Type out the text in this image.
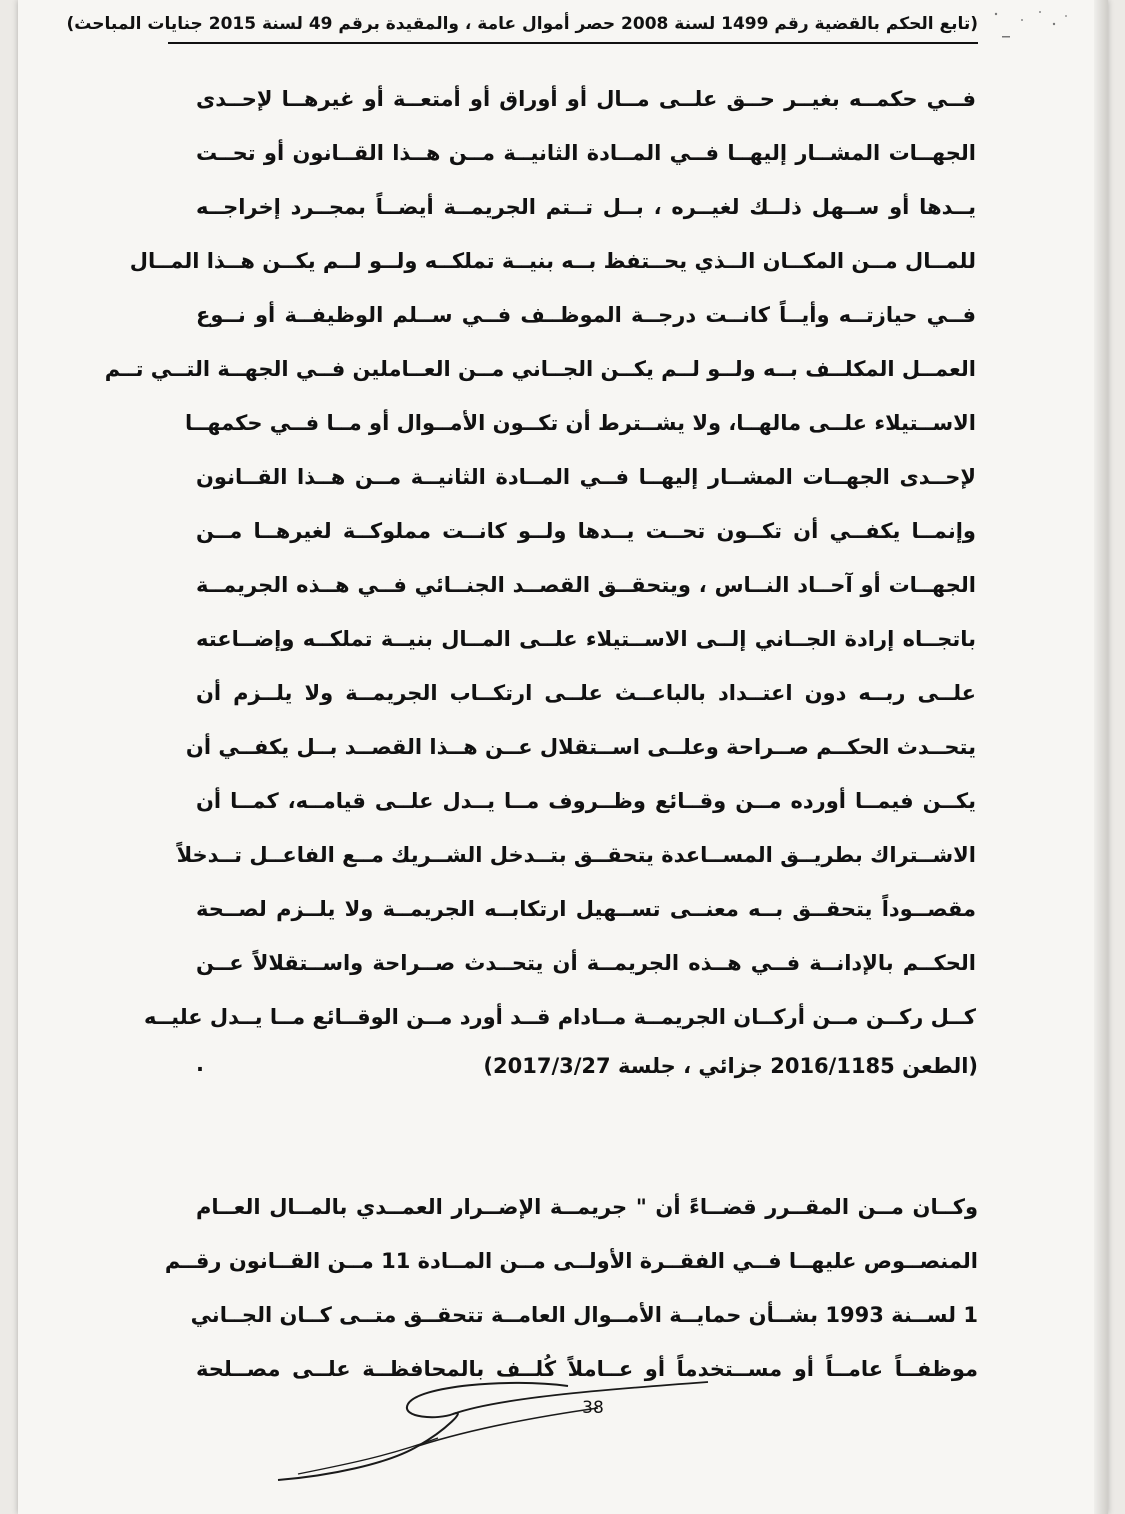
(تابع الحكم بالقضية رقم 1499 لسنة 2008 حصر أموال عامة ، والمقيدة برقم 49 لسنة 2015 جنايات المباحث)
فــي حكمــه بغيــر حــق علــى مــال أو أوراق أو أمتعــة أو غيرهــا لإحــدى
الجهــات المشــار إليهــا فــي المــادة الثانيــة مــن هــذا القــانون أو تحــت
يــدها أو ســهل ذلــك لغيــره ، بــل تــتم الجريمــة أيضــاً بمجــرد إخراجــه
للمــال مــن المكــان الــذي يحــتفظ بــه بنيــة تملكــه ولــو لــم يكــن هــذا المــال
فــي حيازتــه وأيــاً كانــت درجــة الموظــف فــي ســلم الوظيفــة أو نــوع
العمــل المكلــف بــه ولــو لــم يكــن الجــاني مــن العــاملين فــي الجهــة التــي تــم
الاســتيلاء علــى مالهــا، ولا يشــترط أن تكــون الأمــوال أو مــا فــي حكمهــا
لإحــدى الجهــات المشــار إليهــا فــي المــادة الثانيــة مــن هــذا القــانون
وإنمــا يكفــي أن تكــون تحــت يــدها ولــو كانــت مملوكــة لغيرهــا مــن
الجهــات أو آحــاد النــاس ، ويتحقــق القصــد الجنــائي فــي هــذه الجريمــة
باتجــاه إرادة الجــاني إلــى الاســتيلاء علــى المــال بنيــة تملكــه وإضــاعته
علــى ربــه دون اعتــداد بالباعــث علــى ارتكــاب الجريمــة ولا يلــزم أن
يتحــدث الحكــم صــراحة وعلــى اســتقلال عــن هــذا القصــد بــل يكفــي أن
يكــن فيمــا أورده مــن وقــائع وظــروف مــا يــدل علــى قيامــه، كمــا أن
الاشــتراك بطريــق المســاعدة يتحقــق بتــدخل الشــريك مــع الفاعــل تــدخلاً
مقصــوداً يتحقــق بــه معنــى تســهيل ارتكابــه الجريمــة ولا يلــزم لصــحة
الحكــم بالإدانــة فــي هــذه الجريمــة أن يتحــدث صــراحة واســتقلالاً عــن
كــل ركــن مــن أركــان الجريمــة مــادام قــد أورد مــن الوقــائع مــا يــدل عليــه
.	(الطعن 2016/1185 جزائي ، جلسة 2017/3/27)
وكــان مــن المقــرر قضــاءً أن " جريمــة الإضــرار العمــدي بالمــال العــام
المنصــوص عليهــا فــي الفقــرة الأولــى مــن المــادة 11 مــن القــانون رقــم
1 لســنة 1993 بشــأن حمايــة الأمــوال العامــة تتحقــق متــى كــان الجــاني
موظفــاً عامــاً أو مســتخدماً أو عــاملاً كُلــف بالمحافظــة علــى مصــلحة
38
